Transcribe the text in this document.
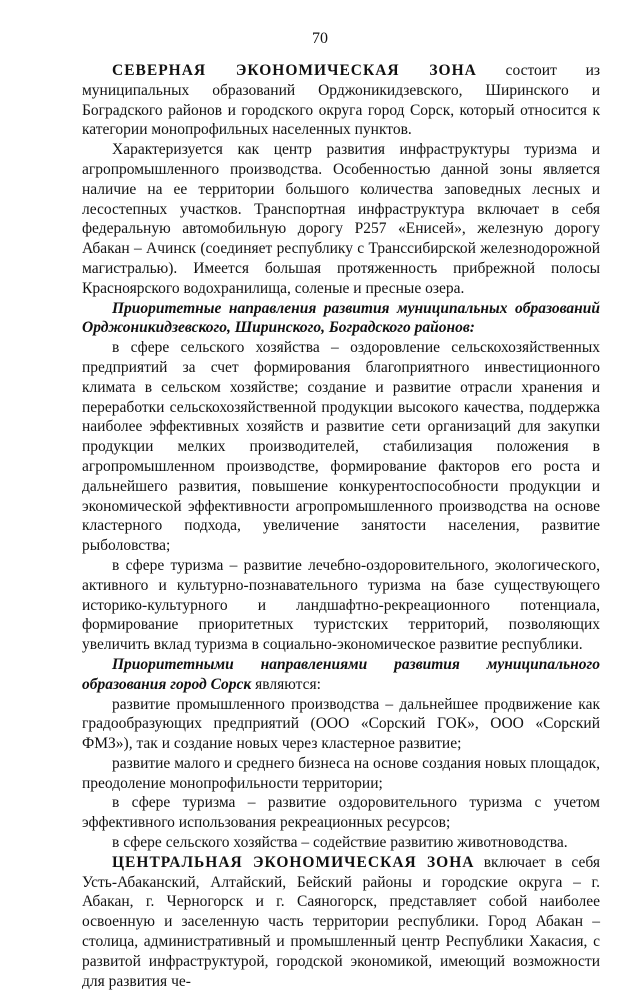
70

СЕВЕРНАЯ ЭКОНОМИЧЕСКАЯ ЗОНА состоит из муниципальных образований Орджоникидзевского, Ширинского и Боградского районов и городского округа город Сорск, который относится к категории монопрофильных населенных пунктов.

Характеризуется как центр развития инфраструктуры туризма и агропромышленного производства. Особенностью данной зоны является наличие на ее территории большого количества заповедных лесных и лесостепных участков. Транспортная инфраструктура включает в себя федеральную автомобильную дорогу Р257 «Енисей», железную дорогу Абакан – Ачинск (соединяет республику с Транссибирской железнодорожной магистралью). Имеется большая протяженность прибрежной полосы Красноярского водохранилища, соленые и пресные озера.

Приоритетные направления развития муниципальных образований Орджоникидзевского, Ширинского, Боградского районов:

в сфере сельского хозяйства – оздоровление сельскохозяйственных предприятий за счет формирования благоприятного инвестиционного климата в сельском хозяйстве; создание и развитие отрасли хранения и переработки сельскохозяйственной продукции высокого качества, поддержка наиболее эффективных хозяйств и развитие сети организаций для закупки продукции мелких производителей, стабилизация положения в агропромышленном производстве, формирование факторов его роста и дальнейшего развития, повышение конкурентоспособности продукции и экономической эффективности агропромышленного производства на основе кластерного подхода, увеличение занятости населения, развитие рыболовства;

в сфере туризма – развитие лечебно-оздоровительного, экологического, активного и культурно-познавательного туризма на базе существующего историко-культурного и ландшафтно-рекреационного потенциала, формирование приоритетных туристских территорий, позволяющих увеличить вклад туризма в социально-экономическое развитие республики.

Приоритетными направлениями развития муниципального образования город Сорск являются:

развитие промышленного производства – дальнейшее продвижение как градообразующих предприятий (ООО «Сорский ГОК», ООО «Сорский ФМЗ»), так и создание новых через кластерное развитие;

развитие малого и среднего бизнеса на основе создания новых площадок, преодоление монопрофильности территории;

в сфере туризма – развитие оздоровительного туризма с учетом эффективного использования рекреационных ресурсов;

в сфере сельского хозяйства – содействие развитию животноводства.

ЦЕНТРАЛЬНАЯ ЭКОНОМИЧЕСКАЯ ЗОНА включает в себя Усть-Абаканский, Алтайский, Бейский районы и городские округа – г. Абакан, г. Черногорск и г. Саяногорск, представляет собой наиболее освоенную и заселенную часть территории республики. Город Абакан – столица, административный и промышленный центр Республики Хакасия, с развитой инфраструктурой, городской экономикой, имеющий возможности для развития че-
